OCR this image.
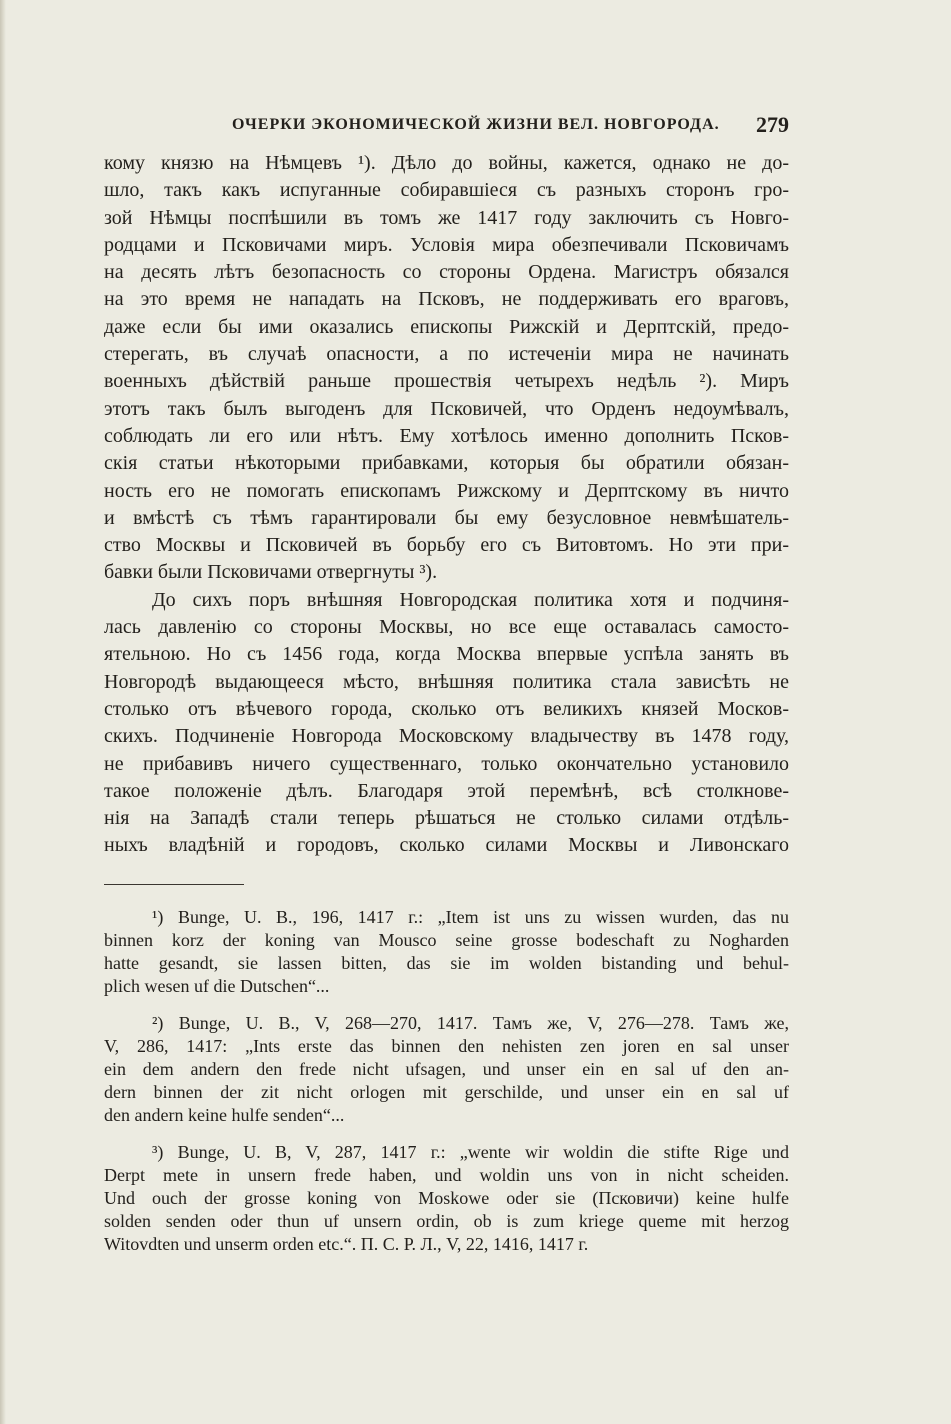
ОЧЕРКИ ЭКОНОМИЧЕСКОЙ ЖИЗНИ ВЕЛ. НОВГОРОДА. 279
кому князю на Нѣмцевъ ¹). Дѣло до войны, кажется, однако не до-
шло, такъ какъ испуганные собиравшіеся съ разныхъ сторонъ гро-
зой Нѣмцы поспѣшили въ томъ же 1417 году заключить съ Новго-
родцами и Псковичами миръ. Условія мира обезпечивали Псковичамъ
на десять лѣтъ безопасность со стороны Ордена. Магистръ обязался
на это время не нападать на Псковъ, не поддерживать его враговъ,
даже если бы ими оказались епископы Рижскій и Дерптскій, предо-
стерегать, въ случаѣ опасности, а по истеченіи мира не начинать
военныхъ дѣйствій раньше прошествія четырехъ недѣль ²). Миръ
этотъ такъ былъ выгоденъ для Псковичей, что Орденъ недоумѣвалъ,
соблюдать ли его или нѣтъ. Ему хотѣлось именно дополнить Псков-
скія статьи нѣкоторыми прибавками, которыя бы обратили обязан-
ность его не помогать епископамъ Рижскому и Дерптскому въ ничто
и вмѣстѣ съ тѣмъ гарантировали бы ему безусловное невмѣшатель-
ство Москвы и Псковичей въ борьбу его съ Витовтомъ. Но эти при-
бавки были Псковичами отвергнуты ³).
До сихъ поръ внѣшняя Новгородская политика хотя и подчиня-
лась давленію со стороны Москвы, но все еще оставалась самосто-
ятельною. Но съ 1456 года, когда Москва впервые успѣла занять въ
Новгородѣ выдающееся мѣсто, внѣшняя политика стала зависѣть не
столько отъ вѣчевого города, сколько отъ великихъ князей Москов-
скихъ. Подчиненіе Новгорода Московскому владычеству въ 1478 году,
не прибавивъ ничего существеннаго, только окончательно установило
такое положеніе дѣлъ. Благодаря этой перемѣнѣ, всѣ столкнове-
нія на Западѣ стали теперь рѣшаться не столько силами отдѣль-
ныхъ владѣній и городовъ, сколько силами Москвы и Ливонскаго
¹) Bunge, U. B., 196, 1417 г.: „Item ist uns zu wissen wurden, das nu
binnen korz der koning van Mousco seine grosse bodeschaft zu Nogharden
hatte gesandt, sie lassen bitten, das sie im wolden bistanding und behul-
plich wesen uf die Dutschen“...
²) Bunge, U. B., V, 268—270, 1417. Тамъ же, V, 276—278. Тамъ же,
V, 286, 1417: „Ints erste das binnen den nehisten zen joren en sal unser
ein dem andern den frede nicht ufsagen, und unser ein en sal uf den an-
dern binnen der zit nicht orlogen mit gerschilde, und unser ein en sal uf
den andern keine hulfe senden“...
³) Bunge, U. B, V, 287, 1417 г.: „wente wir woldin die stifte Rige und
Derpt mete in unsern frede haben, und woldin uns von in nicht scheiden.
Und ouch der grosse koning von Moskowe oder sie (Псковичи) keine hulfe
solden senden oder thun uf unsern ordin, ob is zum kriege queme mit herzog
Witovdten und unserm orden etc.“. П. С. Р. Л., V, 22, 1416, 1417 г.
